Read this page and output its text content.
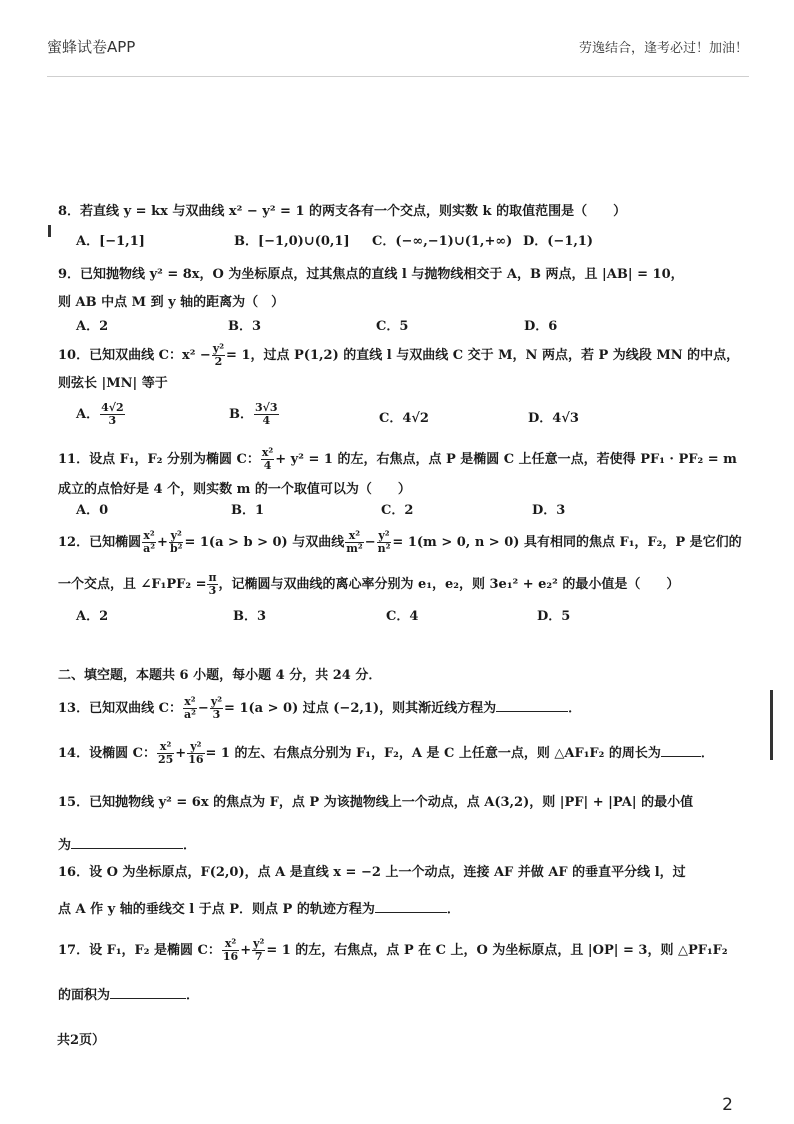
蜜蜂试卷APP	劳逸结合，逢考必过！加油！
8．若直线 y = kx 与双曲线 x² − y² = 1 的两支各有一个交点，则实数 k 的取值范围是（　　）
A．[−1,1]	B．[−1,0)∪(0,1] C．(−∞,−1)∪(1,+∞) D．(−1,1)
9．已知抛物线 y² = 8x，O 为坐标原点，过其焦点的直线 l 与抛物线相交于 A，B 两点，且 |AB| = 10，
则 AB 中点 M 到 y 轴的距离为（　）
A．2	B．3	C．5	D．6
10．已知双曲线 C：$x^2 - \frac{\text{y²}}{2} = 1$，过点 P(1,2) 的直线 l 与双曲线 C 交于 M，N 两点，若 P 为线段 MN 的中点，
则弦长 |MN| 等于
A． $\frac{4√2}{3}$	B． $\frac{3√3}{4}$	C．4√2	D．4√3
11．设点 F₁，F₂ 分别为椭圆 C： $\frac{\text{x²}}{4} + y^2 = 1$ 的左，右焦点，点 P 是椭圆 C 上任意一点，若使得 PF₁ · PF₂ = m
成立的点恰好是 4 个，则实数 m 的一个取值可以为（　　）
A．0	B．1	C．2	D．3
12．已知椭圆 $\frac{\text{x²}}{\text{a²}} + \frac{\text{y²}}{\text{b²}} = 1(a > b > 0)$ 与双曲线 $\frac{\text{x²}}{\text{m²}} - \frac{\text{y²}}{\text{n²}} = 1(m > 0$, n > 0) 具有相同的焦点 F₁，F₂，P 是它们的
一个交点，且 ∠F₁PF₂ = $\frac{\pi}{3}$ ，记椭圆与双曲线的离心率分别为 e₁，e₂，则 3e₁² + e₂² 的最小值是（　　）
A．2	B．3	C．4	D．5
二、填空题，本题共 6 小题，每小题 4 分，共 24 分．
13．已知双曲线 C： $\frac{\text{x²}}{\text{a²}} - \frac{\text{y²}}{3} = 1(a > 0)$ 过点 (−2,1)，则其渐近线方程为	．
14．设椭圆 C： $\frac{\text{x²}}{25} + \frac{\text{y²}}{16} = 1$ 的左、右焦点分别为 F₁，F₂，A 是 C 上任意一点，则 △AF₁F₂ 的周长为	．
15．已知抛物线 y² = 6x 的焦点为 F，点 P 为该抛物线上一个动点，点 A(3,2)，则 |PF| + |PA| 的最小值
为	．
16．设 O 为坐标原点，F(2,0)，点 A 是直线 x = −2 上一个动点，连接 AF 并做 AF 的垂直平分线 l，过
点 A 作 y 轴的垂线交 l 于点 P．则点 P 的轨迹方程为	．
17．设 F₁，F₂ 是椭圆 C： $\frac{\text{x²}}{16} + \frac{\text{y²}}{7} = 1$ 的左，右焦点，点 P 在 C 上，O 为坐标原点，且 |OP| = 3，则 △PF₁F₂
的面积为	．
共2页）
2
